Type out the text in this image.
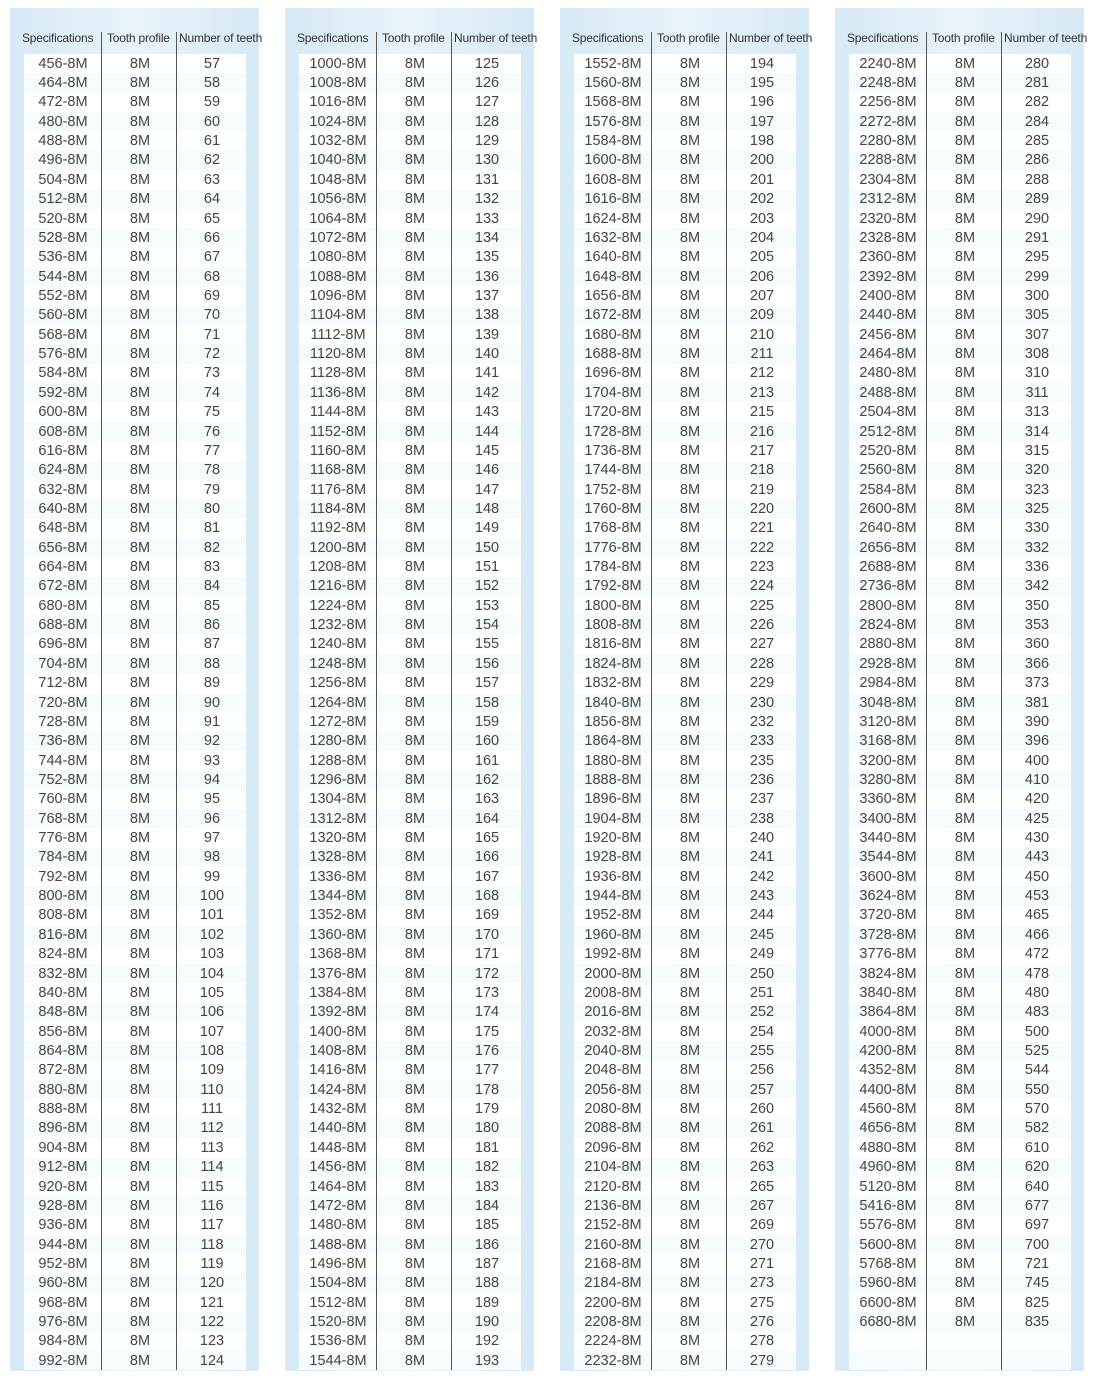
Specifications Tooth profile Number of teeth
456-8M	8M	57
464-8M	8M	58
472-8M	8M	59
480-8M	8M	60
488-8M	8M	61
496-8M	8M	62
504-8M	8M	63
512-8M	8M	64
520-8M	8M	65
528-8M	8M	66
536-8M	8M	67
544-8M	8M	68
552-8M	8M	69
560-8M	8M	70
568-8M	8M	71
576-8M	8M	72
584-8M	8M	73
592-8M	8M	74
600-8M	8M	75
608-8M	8M	76
616-8M	8M	77
624-8M	8M	78
632-8M	8M	79
640-8M	8M	80
648-8M	8M	81
656-8M	8M	82
664-8M	8M	83
672-8M	8M	84
680-8M	8M	85
688-8M	8M	86
696-8M	8M	87
704-8M	8M	88
712-8M	8M	89
720-8M	8M	90
728-8M	8M	91
736-8M	8M	92
744-8M	8M	93
752-8M	8M	94
760-8M	8M	95
768-8M	8M	96
776-8M	8M	97
784-8M	8M	98
792-8M	8M	99
800-8M	8M	100
808-8M	8M	101
816-8M	8M	102
824-8M	8M	103
832-8M	8M	104
840-8M	8M	105
848-8M	8M	106
856-8M	8M	107
864-8M	8M	108
872-8M	8M	109
880-8M	8M	110
888-8M	8M	111
896-8M	8M	112
904-8M	8M	113
912-8M	8M	114
920-8M	8M	115
928-8M	8M	116
936-8M	8M	117
944-8M	8M	118
952-8M	8M	119
960-8M	8M	120
968-8M	8M	121
976-8M	8M	122
984-8M	8M	123
992-8M	8M	124
Specifications Tooth profile Number of teeth
1000-8M	8M	125
1008-8M	8M	126
1016-8M	8M	127
1024-8M	8M	128
1032-8M	8M	129
1040-8M	8M	130
1048-8M	8M	131
1056-8M	8M	132
1064-8M	8M	133
1072-8M	8M	134
1080-8M	8M	135
1088-8M	8M	136
1096-8M	8M	137
1104-8M	8M	138
1112-8M	8M	139
1120-8M	8M	140
1128-8M	8M	141
1136-8M	8M	142
1144-8M	8M	143
1152-8M	8M	144
1160-8M	8M	145
1168-8M	8M	146
1176-8M	8M	147
1184-8M	8M	148
1192-8M	8M	149
1200-8M	8M	150
1208-8M	8M	151
1216-8M	8M	152
1224-8M	8M	153
1232-8M	8M	154
1240-8M	8M	155
1248-8M	8M	156
1256-8M	8M	157
1264-8M	8M	158
1272-8M	8M	159
1280-8M	8M	160
1288-8M	8M	161
1296-8M	8M	162
1304-8M	8M	163
1312-8M	8M	164
1320-8M	8M	165
1328-8M	8M	166
1336-8M	8M	167
1344-8M	8M	168
1352-8M	8M	169
1360-8M	8M	170
1368-8M	8M	171
1376-8M	8M	172
1384-8M	8M	173
1392-8M	8M	174
1400-8M	8M	175
1408-8M	8M	176
1416-8M	8M	177
1424-8M	8M	178
1432-8M	8M	179
1440-8M	8M	180
1448-8M	8M	181
1456-8M	8M	182
1464-8M	8M	183
1472-8M	8M	184
1480-8M	8M	185
1488-8M	8M	186
1496-8M	8M	187
1504-8M	8M	188
1512-8M	8M	189
1520-8M	8M	190
1536-8M	8M	192
1544-8M	8M	193
Specifications Tooth profile Number of teeth
1552-8M	8M	194
1560-8M	8M	195
1568-8M	8M	196
1576-8M	8M	197
1584-8M	8M	198
1600-8M	8M	200
1608-8M	8M	201
1616-8M	8M	202
1624-8M	8M	203
1632-8M	8M	204
1640-8M	8M	205
1648-8M	8M	206
1656-8M	8M	207
1672-8M	8M	209
1680-8M	8M	210
1688-8M	8M	211
1696-8M	8M	212
1704-8M	8M	213
1720-8M	8M	215
1728-8M	8M	216
1736-8M	8M	217
1744-8M	8M	218
1752-8M	8M	219
1760-8M	8M	220
1768-8M	8M	221
1776-8M	8M	222
1784-8M	8M	223
1792-8M	8M	224
1800-8M	8M	225
1808-8M	8M	226
1816-8M	8M	227
1824-8M	8M	228
1832-8M	8M	229
1840-8M	8M	230
1856-8M	8M	232
1864-8M	8M	233
1880-8M	8M	235
1888-8M	8M	236
1896-8M	8M	237
1904-8M	8M	238
1920-8M	8M	240
1928-8M	8M	241
1936-8M	8M	242
1944-8M	8M	243
1952-8M	8M	244
1960-8M	8M	245
1992-8M	8M	249
2000-8M	8M	250
2008-8M	8M	251
2016-8M	8M	252
2032-8M	8M	254
2040-8M	8M	255
2048-8M	8M	256
2056-8M	8M	257
2080-8M	8M	260
2088-8M	8M	261
2096-8M	8M	262
2104-8M	8M	263
2120-8M	8M	265
2136-8M	8M	267
2152-8M	8M	269
2160-8M	8M	270
2168-8M	8M	271
2184-8M	8M	273
2200-8M	8M	275
2208-8M	8M	276
2224-8M	8M	278
2232-8M	8M	279
Specifications Tooth profile Number of teeth
2240-8M	8M	280
2248-8M	8M	281
2256-8M	8M	282
2272-8M	8M	284
2280-8M	8M	285
2288-8M	8M	286
2304-8M	8M	288
2312-8M	8M	289
2320-8M	8M	290
2328-8M	8M	291
2360-8M	8M	295
2392-8M	8M	299
2400-8M	8M	300
2440-8M	8M	305
2456-8M	8M	307
2464-8M	8M	308
2480-8M	8M	310
2488-8M	8M	311
2504-8M	8M	313
2512-8M	8M	314
2520-8M	8M	315
2560-8M	8M	320
2584-8M	8M	323
2600-8M	8M	325
2640-8M	8M	330
2656-8M	8M	332
2688-8M	8M	336
2736-8M	8M	342
2800-8M	8M	350
2824-8M	8M	353
2880-8M	8M	360
2928-8M	8M	366
2984-8M	8M	373
3048-8M	8M	381
3120-8M	8M	390
3168-8M	8M	396
3200-8M	8M	400
3280-8M	8M	410
3360-8M	8M	420
3400-8M	8M	425
3440-8M	8M	430
3544-8M	8M	443
3600-8M	8M	450
3624-8M	8M	453
3720-8M	8M	465
3728-8M	8M	466
3776-8M	8M	472
3824-8M	8M	478
3840-8M	8M	480
3864-8M	8M	483
4000-8M	8M	500
4200-8M	8M	525
4352-8M	8M	544
4400-8M	8M	550
4560-8M	8M	570
4656-8M	8M	582
4880-8M	8M	610
4960-8M	8M	620
5120-8M	8M	640
5416-8M	8M	677
5576-8M	8M	697
5600-8M	8M	700
5768-8M	8M	721
5960-8M	8M	745
6600-8M	8M	825
6680-8M	8M	835
